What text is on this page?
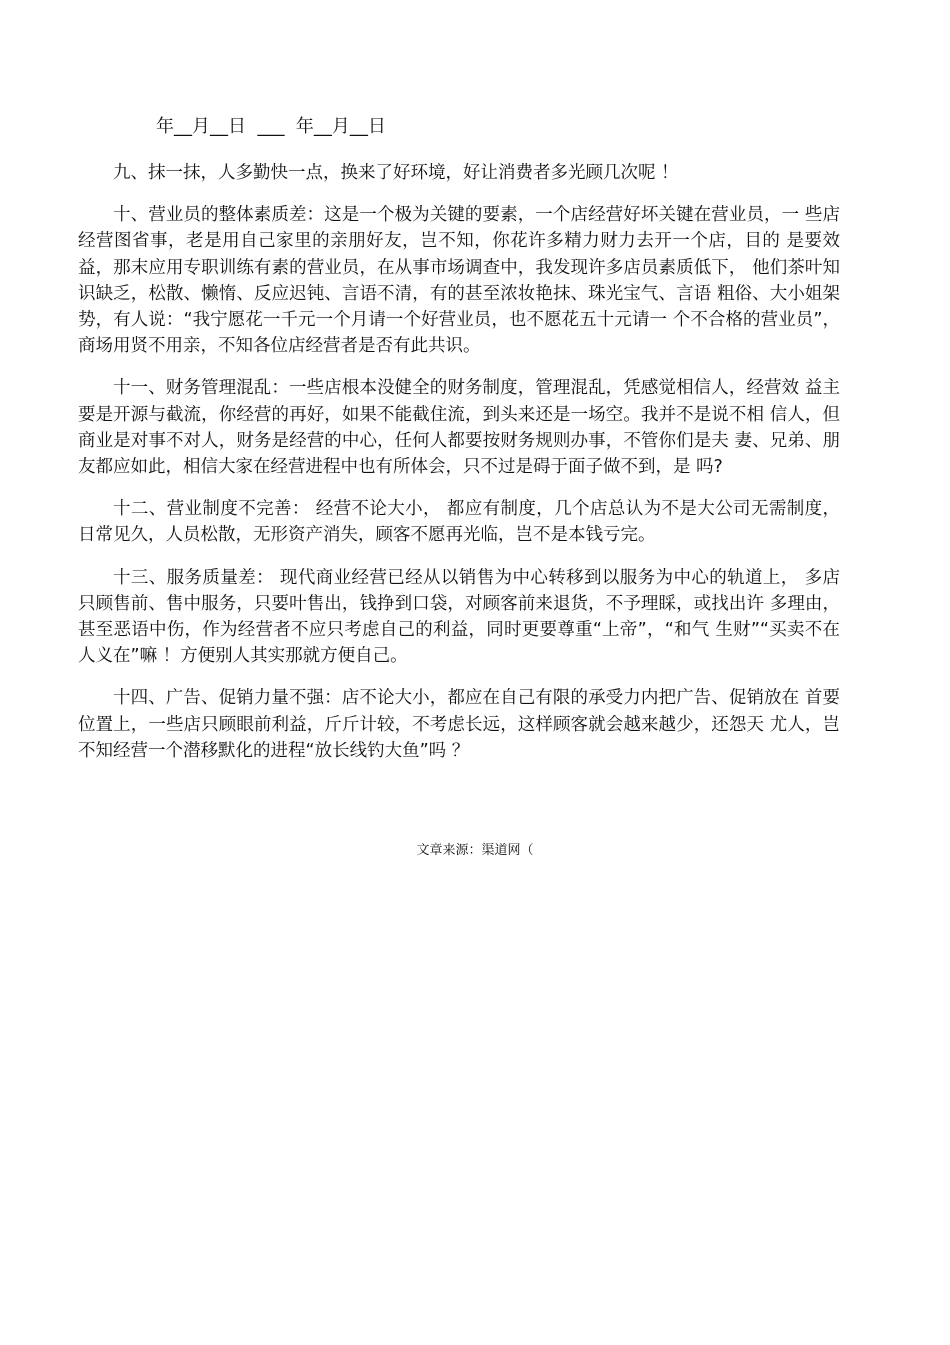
年__月__日  ___  年__月__日

九、抹一抹，人多勤快一点，换来了好环境，好让消费者多光顾几次呢 ！

十、营业员的整体素质差：这是一个极为关键的要素，一个店经营好坏关键在营业员，一 些店经营图省事，老是用自己家里的亲朋好友，岂不知，你花许多精力财力去开一个店，目的 是要效益，那末应用专职训练有素的营业员，在从事市场调查中，我发现许多店员素质低下， 他们茶叶知识缺乏，松散、懒惰、反应迟钝、言语不清，有的甚至浓妆艳抹、珠光宝气、言语 粗俗、大小姐架势，有人说：“我宁愿花一千元一个月请一个好营业员，也不愿花五十元请一 个不合格的营业员”，商场用贤不用亲，不知各位店经营者是否有此共识。

十一、财务管理混乱：一些店根本没健全的财务制度，管理混乱，凭感觉相信人，经营效 益主要是开源与截流，你经营的再好，如果不能截住流，到头来还是一场空。我并不是说不相 信人，但商业是对事不对人，财务是经营的中心，任何人都要按财务规则办事，不管你们是夫 妻、兄弟、朋友都应如此，相信大家在经营进程中也有所体会，只不过是碍于面子做不到，是 吗?

十二、营业制度不完善： 经营不论大小， 都应有制度，几个店总认为不是大公司无需制度， 日常见久，人员松散，无形资产消失，顾客不愿再光临，岂不是本钱亏完。

十三、服务质量差： 现代商业经营已经从以销售为中心转移到以服务为中心的轨道上， 多店只顾售前、售中服务，只要叶售出，钱挣到口袋，对顾客前来退货，不予理睬，或找出许 多理由，甚至恶语中伤，作为经营者不应只考虑自己的利益，同时更要尊重“上帝”，“和气 生财”“买卖不在人义在”嘛 ！方便别人其实那就方便自己。

十四、广告、促销力量不强：店不论大小，都应在自己有限的承受力内把广告、促销放在 首要位置上，一些店只顾眼前利益，斤斤计较，不考虑长远，这样顾客就会越来越少，还怨天 尤人，岂不知经营一个潜移默化的进程“放长线钓大鱼”吗 ？

文章来源：渠道网（
